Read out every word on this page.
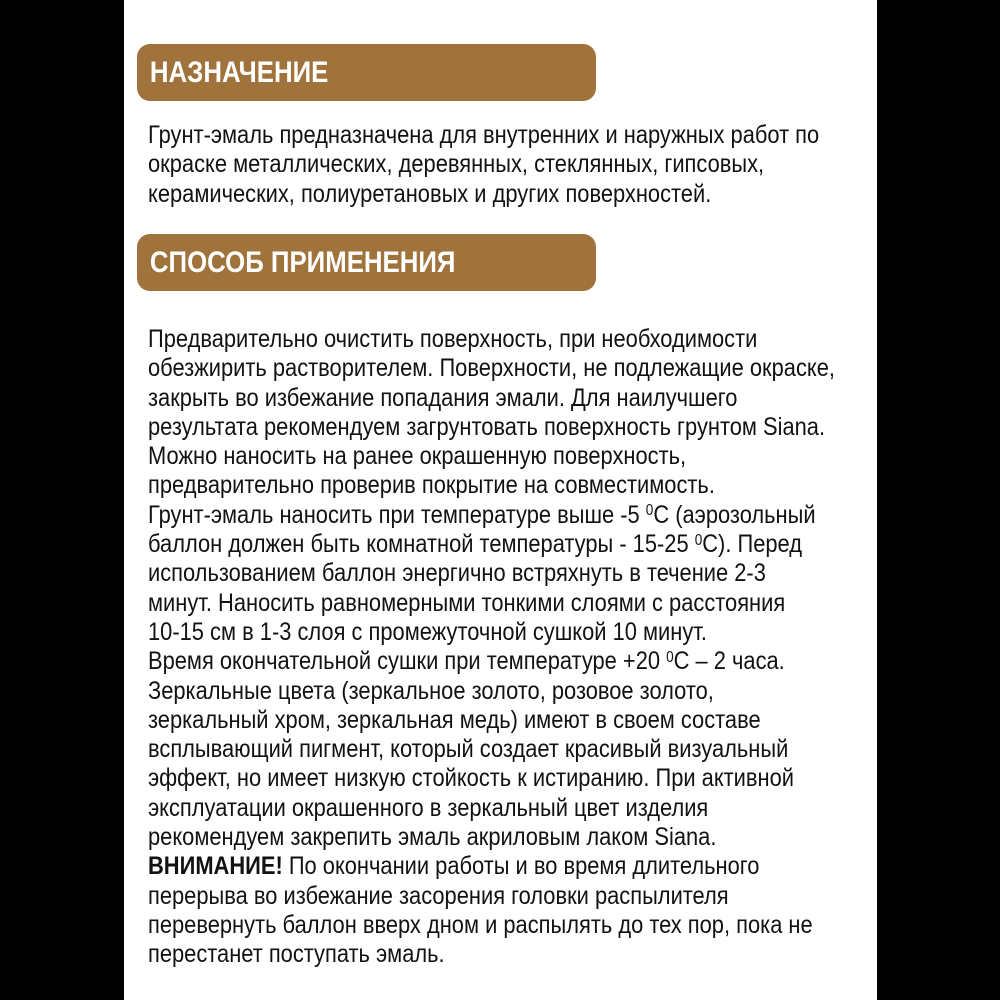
НАЗНАЧЕНИЕ
Грунт-эмаль предназначена для внутренних и наружных работ по
окраске металлических, деревянных, стеклянных, гипсовых,
керамических, полиуретановых и других поверхностей.
СПОСОБ ПРИМЕНЕНИЯ
Предварительно очистить поверхность, при необходимости
обезжирить растворителем. Поверхности, не подлежащие окраске,
закрыть во избежание попадания эмали. Для наилучшего
результата рекомендуем загрунтовать поверхность грунтом Siana.
Можно наносить на ранее окрашенную поверхность,
предварительно проверив покрытие на совместимость.
Грунт-эмаль наносить при температуре выше -5 $^0$С (аэрозольный
баллон должен быть комнатной температуры - 15-25 $^0$С). Перед
использованием баллон энергично встряхнуть в течение 2-3
минут. Наносить равномерными тонкими слоями с расстояния
10-15 см в 1-3 слоя с промежуточной сушкой 10 минут.
Время окончательной сушки при температуре +20 $^0$С – 2 часа.
Зеркальные цвета (зеркальное золото, розовое золото,
зеркальный хром, зеркальная медь) имеют в своем составе
всплывающий пигмент, который создает красивый визуальный
эффект, но имеет низкую стойкость к истиранию. При активной
эксплуатации окрашенного в зеркальный цвет изделия
рекомендуем закрепить эмаль акриловым лаком Siana.
ВНИМАНИЕ! По окончании работы и во время длительного
перерыва во избежание засорения головки распылителя
перевернуть баллон вверх дном и распылять до тех пор, пока не
перестанет поступать эмаль.
